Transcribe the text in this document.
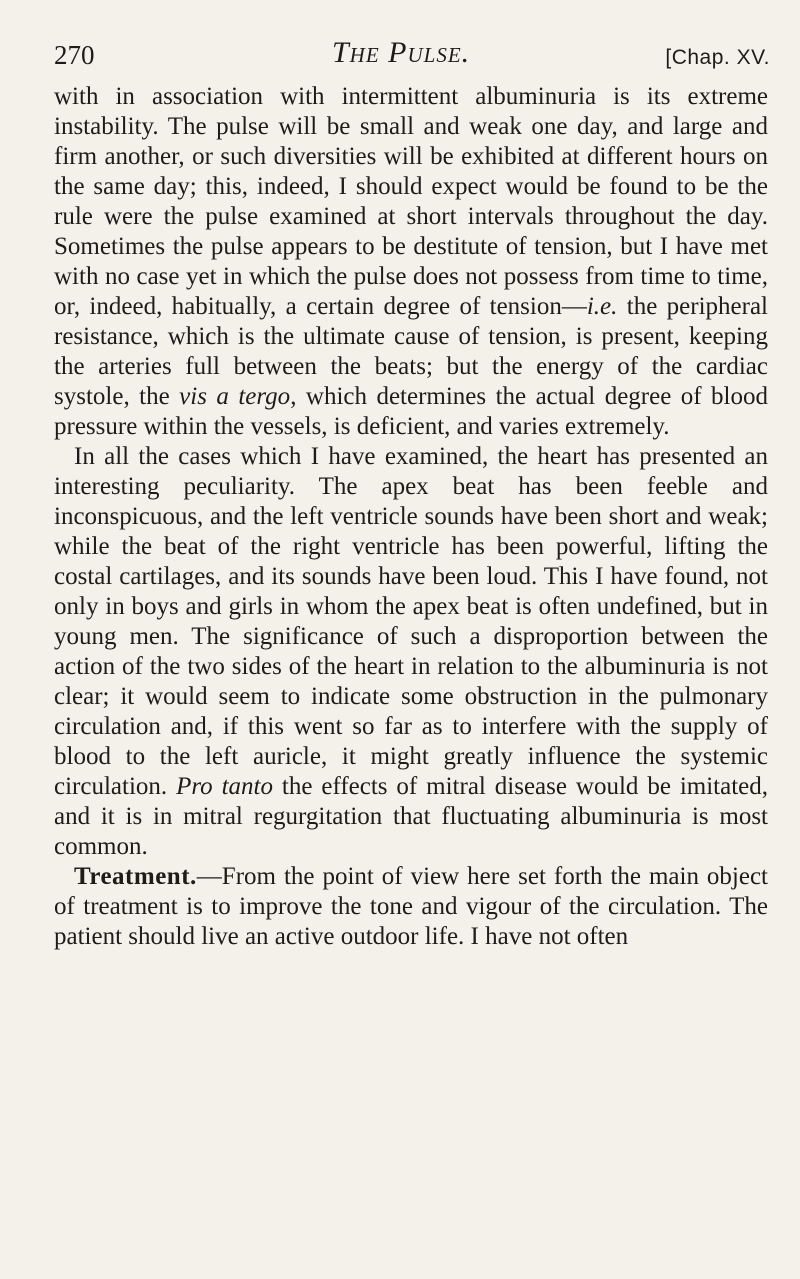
270	The Pulse.	[Chap. XV.

with in association with intermittent albuminuria is its extreme instability. The pulse will be small and weak one day, and large and firm another, or such diversities will be exhibited at different hours on the same day; this, indeed, I should expect would be found to be the rule were the pulse examined at short intervals throughout the day. Sometimes the pulse appears to be destitute of tension, but I have met with no case yet in which the pulse does not possess from time to time, or, indeed, habitually, a certain degree of tension—i.e. the peripheral resistance, which is the ultimate cause of tension, is present, keeping the arteries full between the beats; but the energy of the cardiac systole, the vis a tergo, which determines the actual degree of blood pressure within the vessels, is deficient, and varies extremely.

In all the cases which I have examined, the heart has presented an interesting peculiarity. The apex beat has been feeble and inconspicuous, and the left ventricle sounds have been short and weak; while the beat of the right ventricle has been powerful, lifting the costal cartilages, and its sounds have been loud. This I have found, not only in boys and girls in whom the apex beat is often undefined, but in young men. The significance of such a disproportion between the action of the two sides of the heart in relation to the albuminuria is not clear; it would seem to indicate some obstruction in the pulmonary circulation and, if this went so far as to interfere with the supply of blood to the left auricle, it might greatly influence the systemic circulation. Pro tanto the effects of mitral disease would be imitated, and it is in mitral regurgitation that fluctuating albuminuria is most common.

Treatment.—From the point of view here set forth the main object of treatment is to improve the tone and vigour of the circulation. The patient should live an active outdoor life. I have not often
